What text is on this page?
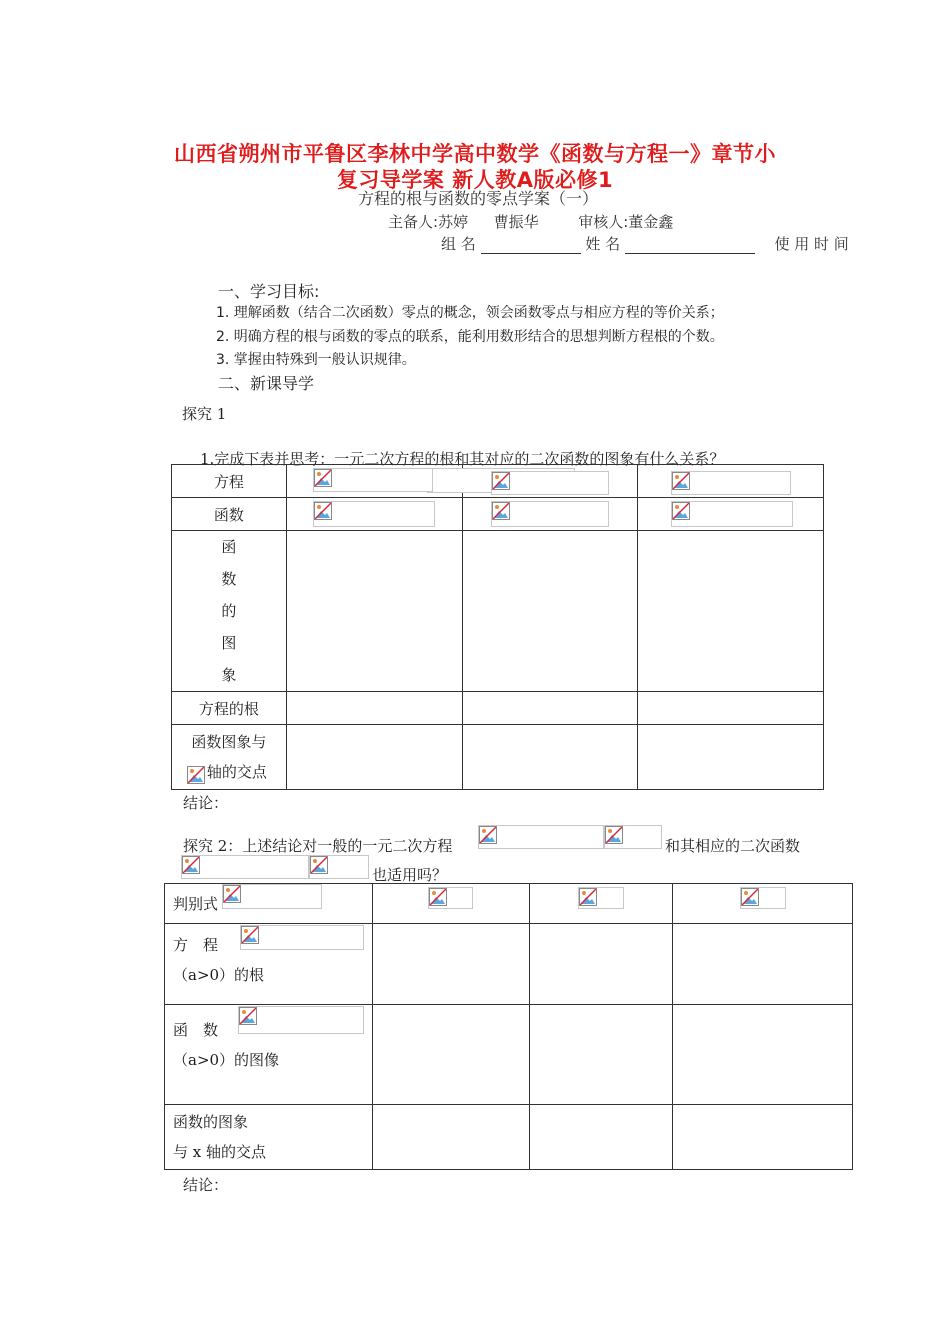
山西省朔州市平鲁区李林中学高中数学《函数与方程一》章节小
复习导学案 新人教A版必修1
方程的根与函数的零点学案（一）
主备人:苏婷 曹振华	审核人:董金鑫
组 名	姓 名	使 用 时 间
一、学习目标:
1. 理解函数（结合二次函数）零点的概念，领会函数零点与相应方程的等价关系；
2. 明确方程的根与函数的零点的联系，能利用数形结合的思想判断方程根的个数。
3. 掌握由特殊到一般认识规律。
二、新课导学
探究 1
1.完成下表并思考：一元二次方程的根和其对应的二次函数的图象有什么关系？
方程	

函数			

函
数
的
图
象			

方程的根			

函数图象与
轴的交点			

结论：
探究 2：上述结论对一般的一元二次方程	和其相应的二次函数
也适用吗？
判别式			

方　程
（a>0）的根			

函　数
（a>0）的图像			

函数的图象
与 x 轴的交点			

结论：
